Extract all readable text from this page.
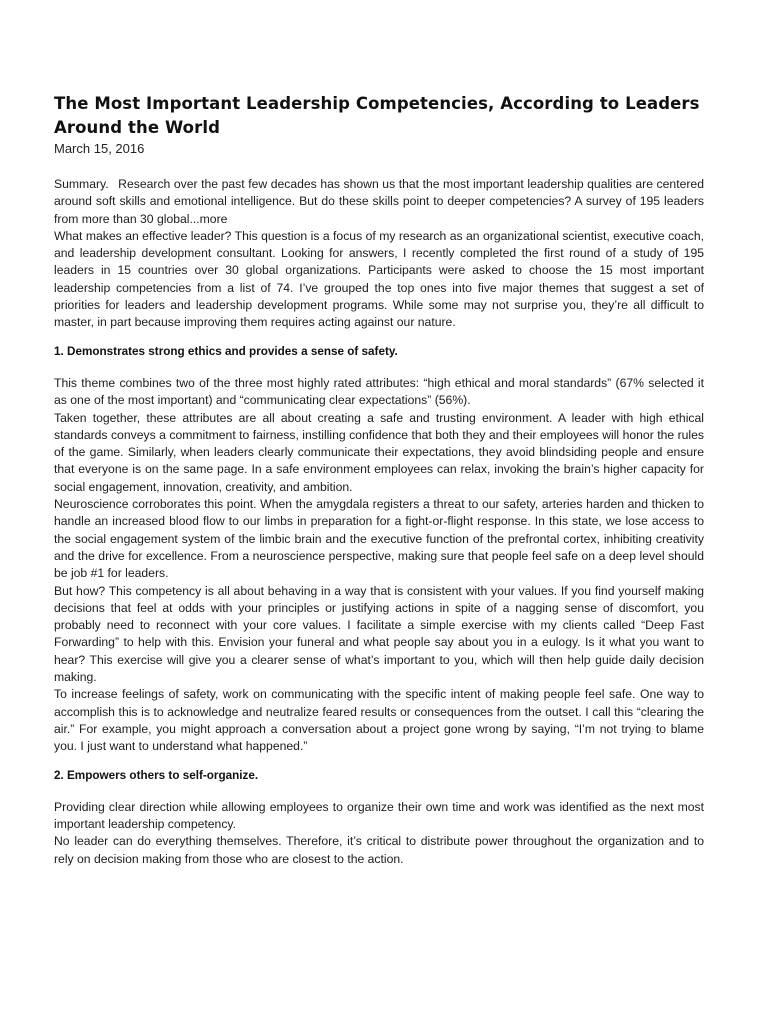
The Most Important Leadership Competencies, According to Leaders Around the World

March 15, 2016

Summary. Research over the past few decades has shown us that the most important leadership qualities are centered around soft skills and emotional intelligence. But do these skills point to deeper competencies? A survey of 195 leaders from more than 30 global...more

What makes an effective leader? This question is a focus of my research as an organizational scientist, executive coach, and leadership development consultant. Looking for answers, I recently completed the first round of a study of 195 leaders in 15 countries over 30 global organizations. Participants were asked to choose the 15 most important leadership competencies from a list of 74. I’ve grouped the top ones into five major themes that suggest a set of priorities for leaders and leadership development programs. While some may not surprise you, they’re all difficult to master, in part because improving them requires acting against our nature.

1. Demonstrates strong ethics and provides a sense of safety.

This theme combines two of the three most highly rated attributes: “high ethical and moral standards” (67% selected it as one of the most important) and “communicating clear expectations” (56%).

Taken together, these attributes are all about creating a safe and trusting environment. A leader with high ethical standards conveys a commitment to fairness, instilling confidence that both they and their employees will honor the rules of the game. Similarly, when leaders clearly communicate their expectations, they avoid blindsiding people and ensure that everyone is on the same page. In a safe environment employees can relax, invoking the brain’s higher capacity for social engagement, innovation, creativity, and ambition.

Neuroscience corroborates this point. When the amygdala registers a threat to our safety, arteries harden and thicken to handle an increased blood flow to our limbs in preparation for a fight-or-flight response. In this state, we lose access to the social engagement system of the limbic brain and the executive function of the prefrontal cortex, inhibiting creativity and the drive for excellence. From a neuroscience perspective, making sure that people feel safe on a deep level should be job #1 for leaders.

But how? This competency is all about behaving in a way that is consistent with your values. If you find yourself making decisions that feel at odds with your principles or justifying actions in spite of a nagging sense of discomfort, you probably need to reconnect with your core values. I facilitate a simple exercise with my clients called “Deep Fast Forwarding” to help with this. Envision your funeral and what people say about you in a eulogy. Is it what you want to hear? This exercise will give you a clearer sense of what’s important to you, which will then help guide daily decision making.

To increase feelings of safety, work on communicating with the specific intent of making people feel safe. One way to accomplish this is to acknowledge and neutralize feared results or consequences from the outset. I call this “clearing the air.” For example, you might approach a conversation about a project gone wrong by saying, “I’m not trying to blame you. I just want to understand what happened.”

2. Empowers others to self-organize.

Providing clear direction while allowing employees to organize their own time and work was identified as the next most important leadership competency.

No leader can do everything themselves. Therefore, it’s critical to distribute power throughout the organization and to rely on decision making from those who are closest to the action.
